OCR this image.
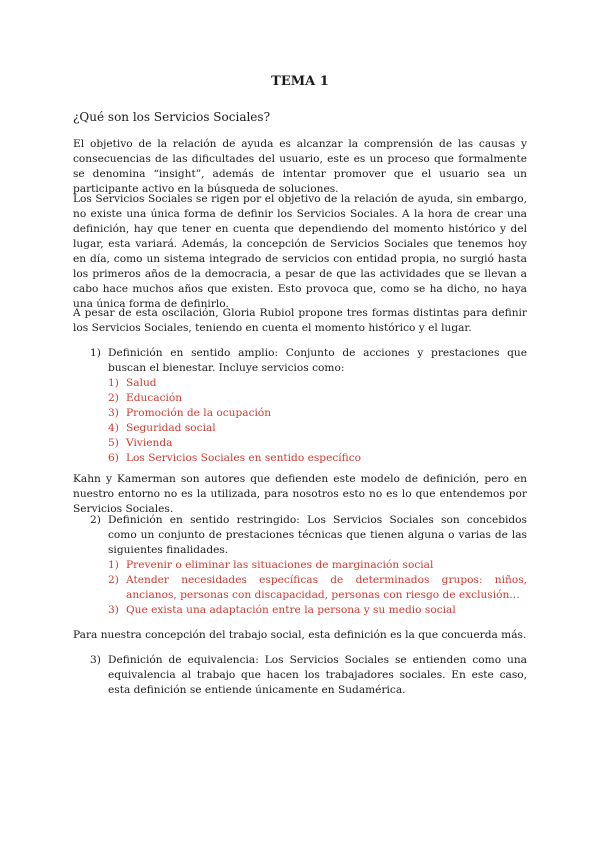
TEMA 1
¿Qué son los Servicios Sociales?

El objetivo de la relación de ayuda es alcanzar la comprensión de las causas y consecuencias de las dificultades del usuario, este es un proceso que formalmente se denomina “insight”, además de intentar promover que el usuario sea un participante activo en la búsqueda de soluciones.

Los Servicios Sociales se rigen por el objetivo de la relación de ayuda, sin embargo, no existe una única forma de definir los Servicios Sociales. A la hora de crear una definición, hay que tener en cuenta que dependiendo del momento histórico y del lugar, esta variará. Además, la concepción de Servicios Sociales que tenemos hoy en día, como un sistema integrado de servicios con entidad propia, no surgió hasta los primeros años de la democracia, a pesar de que las actividades que se llevan a cabo hace muchos años que existen. Esto provoca que, como se ha dicho, no haya una única forma de definirlo.

A pesar de esta oscilación, Gloria Rubiol propone tres formas distintas para definir los Servicios Sociales, teniendo en cuenta el momento histórico y el lugar.

1) Definición en sentido amplio: Conjunto de acciones y prestaciones que buscan el bienestar. Incluye servicios como:
1) Salud
2) Educación
3) Promoción de la ocupación
4) Seguridad social
5) Vivienda
6) Los Servicios Sociales en sentido específico

Kahn y Kamerman son autores que defienden este modelo de definición, pero en nuestro entorno no es la utilizada, para nosotros esto no es lo que entendemos por Servicios Sociales.

2) Definición en sentido restringido: Los Servicios Sociales son concebidos como un conjunto de prestaciones técnicas que tienen alguna o varias de las siguientes finalidades.
1) Prevenir o eliminar las situaciones de marginación social
2) Atender necesidades específicas de determinados grupos: niños, ancianos, personas con discapacidad, personas con riesgo de exclusión…
3) Que exista una adaptación entre la persona y su medio social

Para nuestra concepción del trabajo social, esta definición es la que concuerda más.

3) Definición de equivalencia: Los Servicios Sociales se entienden como una equivalencia al trabajo que hacen los trabajadores sociales. En este caso, esta definición se entiende únicamente en Sudamérica.
